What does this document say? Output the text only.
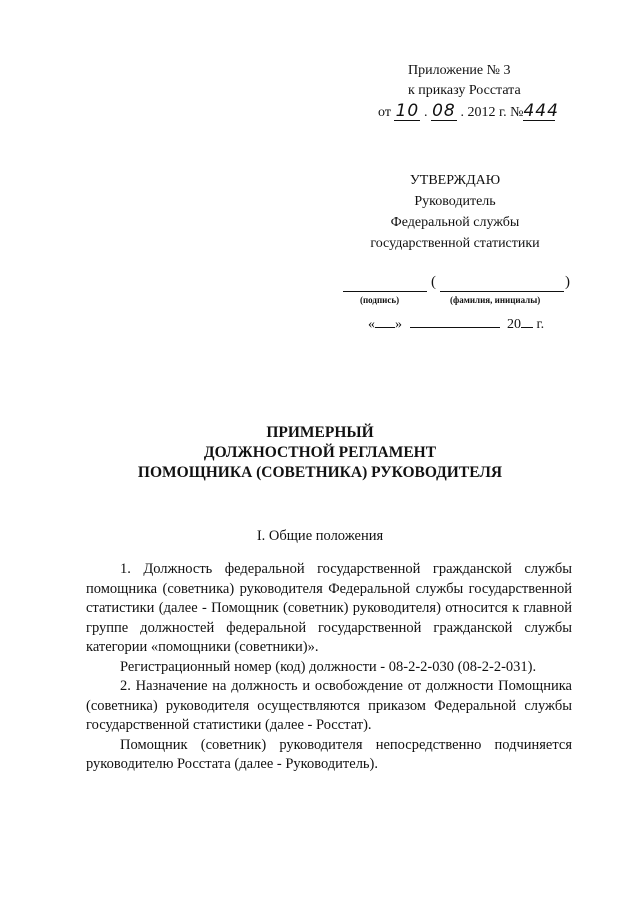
Приложение № 3
к приказу Росстата
от 10 . 08 . 2012 г. №444
УТВЕРЖДАЮ
Руководитель
Федеральной службы
государственной статистики
(	)
(подпись)	(фамилия, инициалы)
« »	20 г.
ПРИМЕРНЫЙ
ДОЛЖНОСТНОЙ РЕГЛАМЕНТ
ПОМОЩНИКА (СОВЕТНИКА) РУКОВОДИТЕЛЯ
I. Общие положения

1. Должность федеральной государственной гражданской службы помощника (советника) руководителя Федеральной службы государственной статистики (далее - Помощник (советник) руководителя) относится к главной группе должностей федеральной государственной гражданской службы категории «помощники (советники)».

Регистрационный номер (код) должности - 08-2-2-030 (08-2-2-031).

2. Назначение на должность и освобождение от должности Помощника (советника) руководителя осуществляются приказом Федеральной службы государственной статистики (далее - Росстат).

Помощник (советник) руководителя непосредственно подчиняется руководителю Росстата (далее - Руководитель).
